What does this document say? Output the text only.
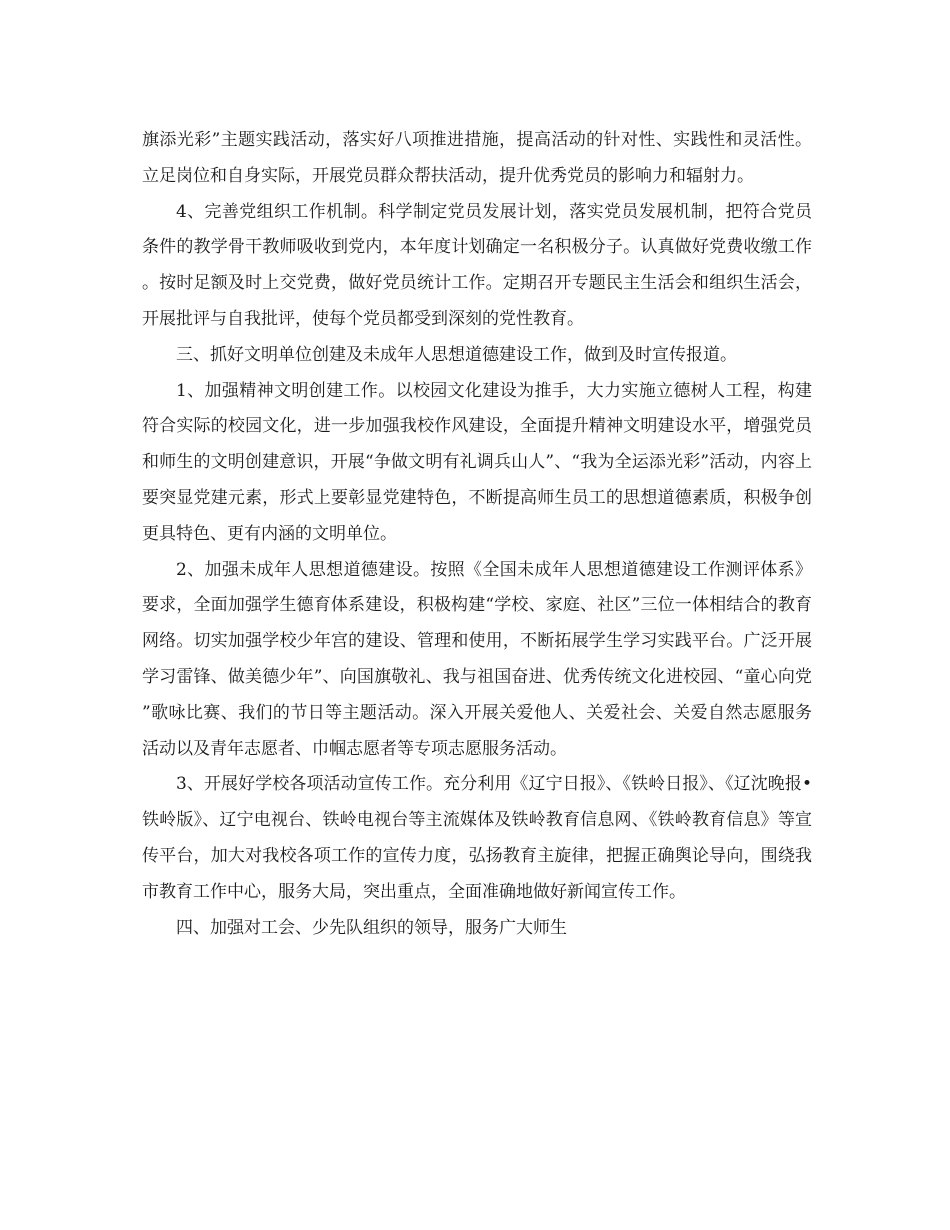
旗添光彩”主题实践活动，落实好八项推进措施，提高活动的针对性、实践性和灵活性。立足岗位和自身实际，开展党员群众帮扶活动，提升优秀党员的影响力和辐射力。

4、完善党组织工作机制。科学制定党员发展计划，落实党员发展机制，把符合党员条件的教学骨干教师吸收到党内，本年度计划确定一名积极分子。认真做好党费收缴工作。按时足额及时上交党费，做好党员统计工作。定期召开专题民主生活会和组织生活会，开展批评与自我批评，使每个党员都受到深刻的党性教育。

三、抓好文明单位创建及未成年人思想道德建设工作，做到及时宣传报道。

1、加强精神文明创建工作。以校园文化建设为推手，大力实施立德树人工程，构建符合实际的校园文化，进一步加强我校作风建设，全面提升精神文明建设水平，增强党员和师生的文明创建意识，开展“争做文明有礼调兵山人”、“我为全运添光彩”活动，内容上要突显党建元素，形式上要彰显党建特色，不断提高师生员工的思想道德素质，积极争创更具特色、更有内涵的文明单位。

2、加强未成年人思想道德建设。按照《全国未成年人思想道德建设工作测评体系》要求，全面加强学生德育体系建设，积极构建“学校、家庭、社区”三位一体相结合的教育网络。切实加强学校少年宫的建设、管理和使用，不断拓展学生学习实践平台。广泛开展学习雷锋、做美德少年”、向国旗敬礼、我与祖国奋进、优秀传统文化进校园、“童心向党”歌咏比赛、我们的节日等主题活动。深入开展关爱他人、关爱社会、关爱自然志愿服务活动以及青年志愿者、巾帼志愿者等专项志愿服务活动。

3、开展好学校各项活动宣传工作。充分利用《辽宁日报》、《铁岭日报》、《辽沈晚报•铁岭版》、辽宁电视台、铁岭电视台等主流媒体及铁岭教育信息网、《铁岭教育信息》等宣传平台，加大对我校各项工作的宣传力度，弘扬教育主旋律，把握正确舆论导向，围绕我市教育工作中心，服务大局，突出重点，全面准确地做好新闻宣传工作。

四、加强对工会、少先队组织的领导，服务广大师生
